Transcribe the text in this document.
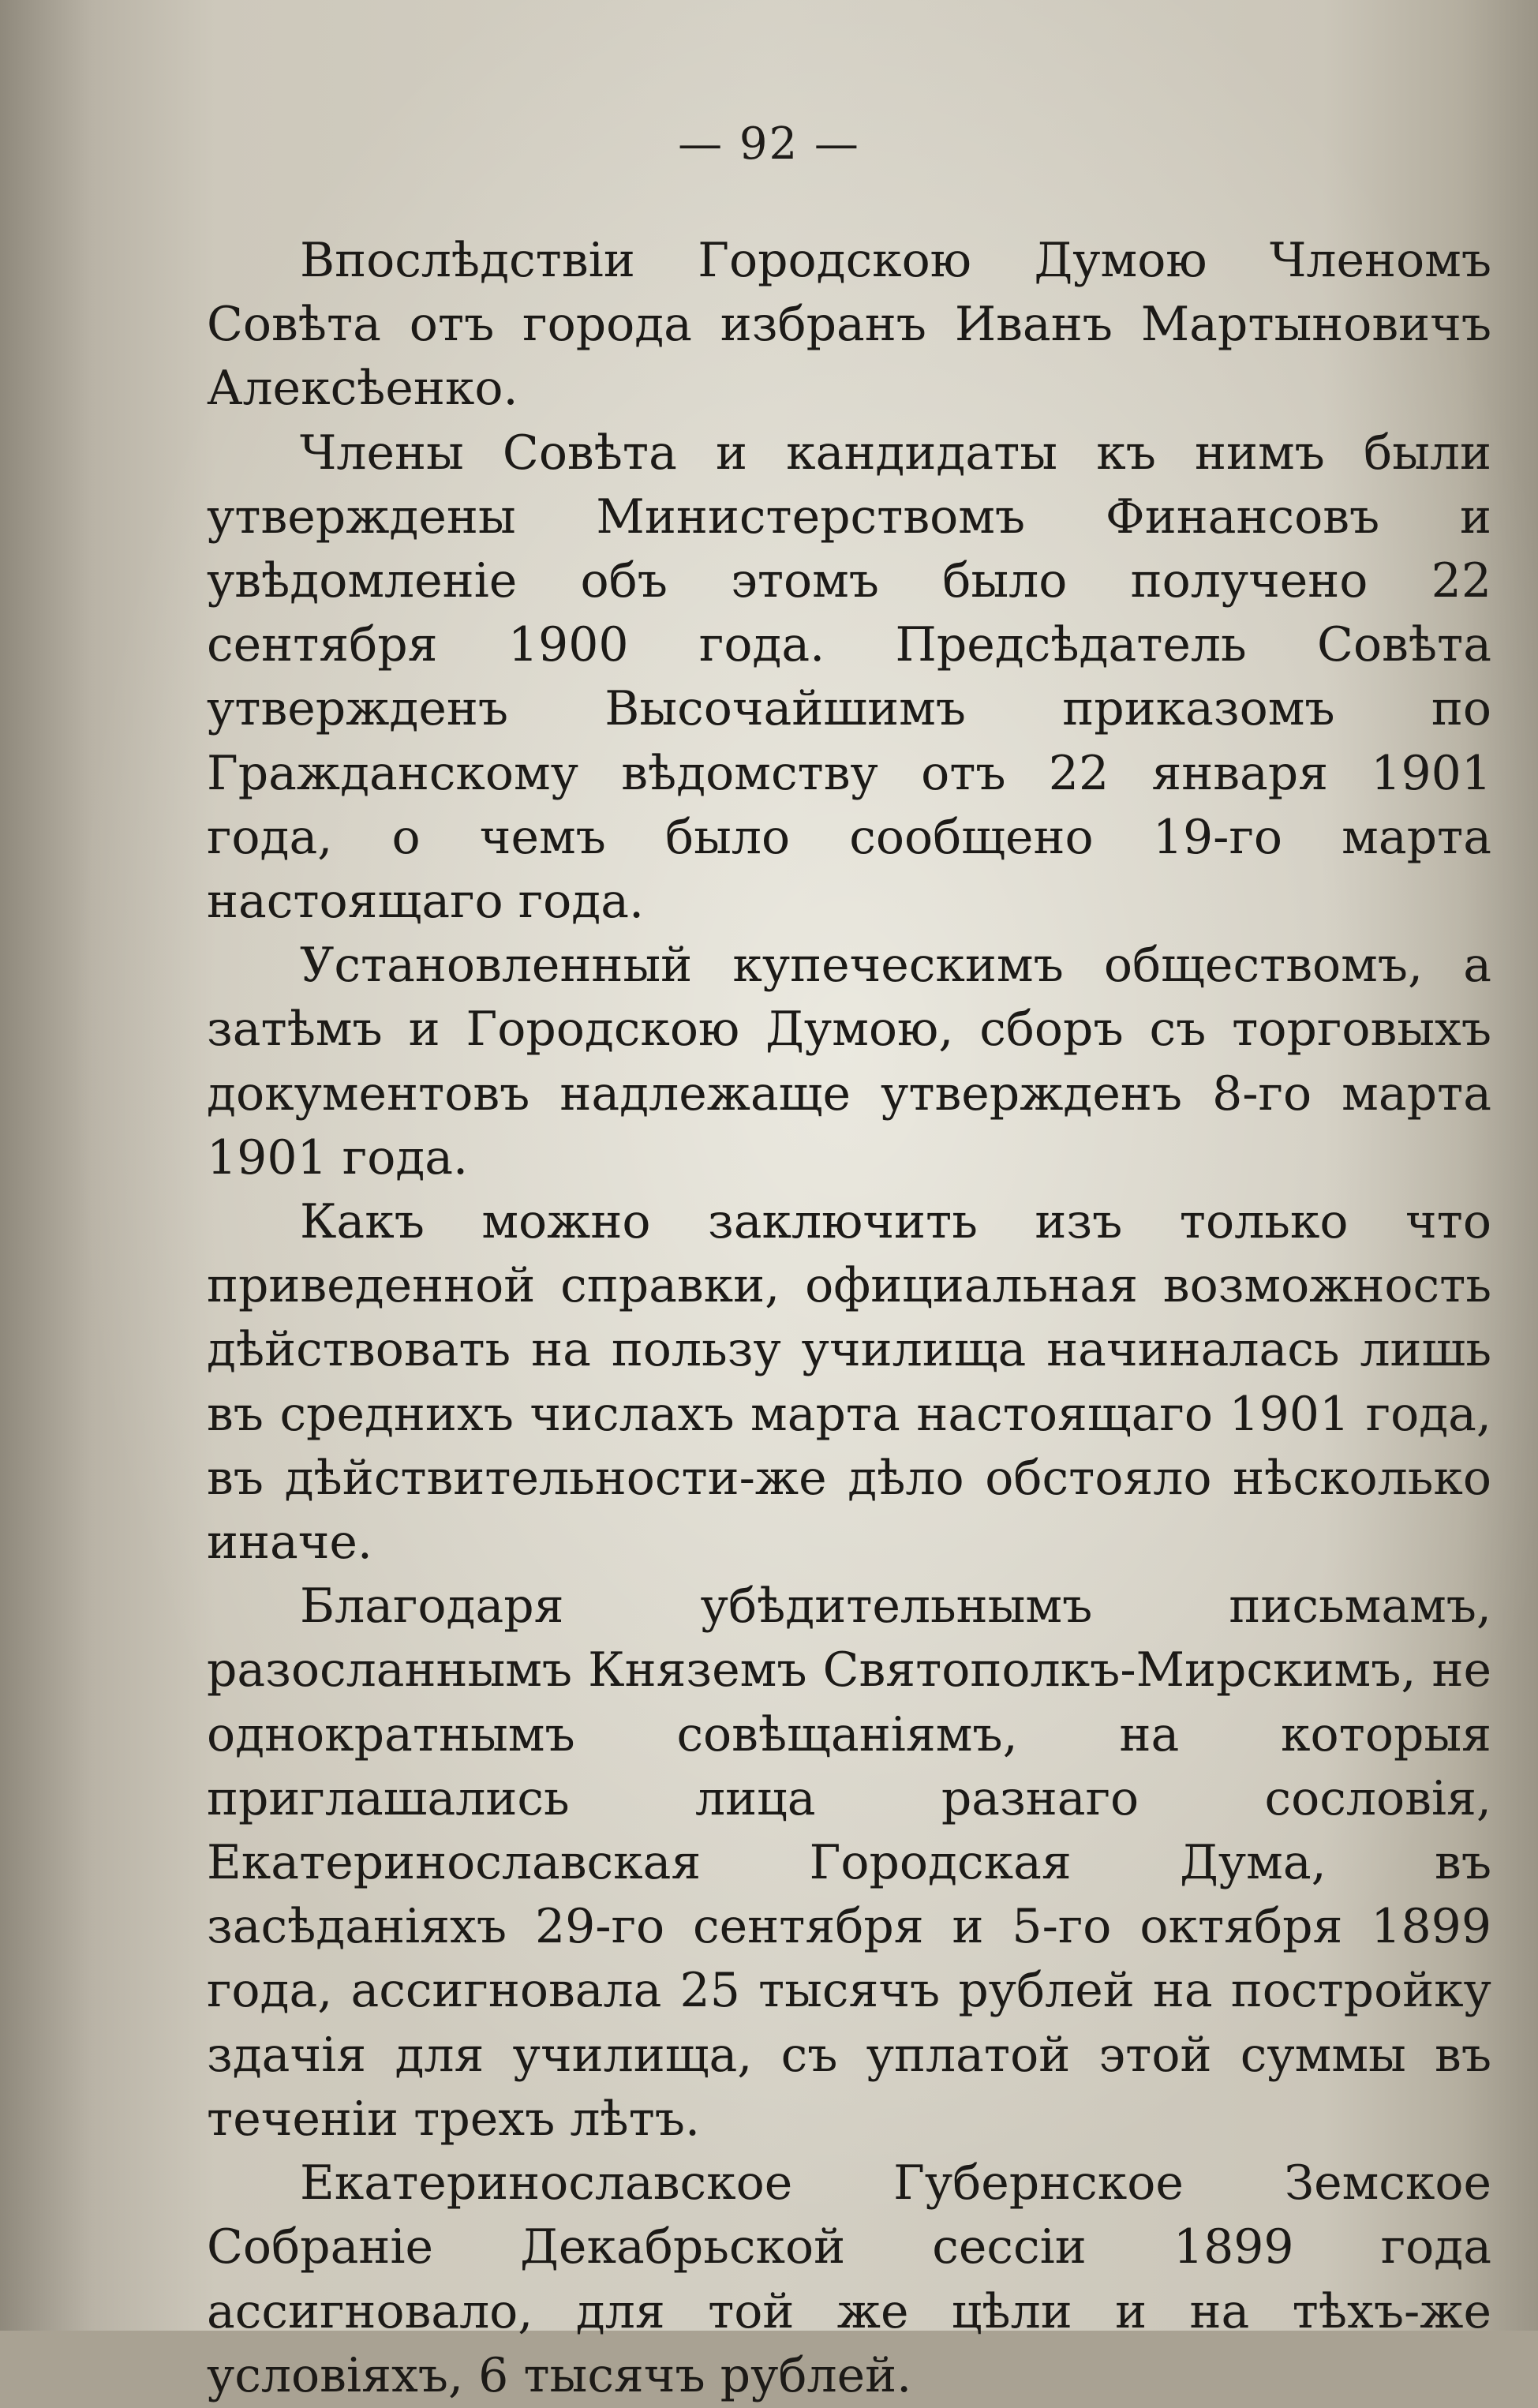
— 92 —

Впослѣдствіи Городскою Думою Членомъ Совѣта отъ города избранъ Иванъ Мартыновичъ Алексѣенко.

Члены Совѣта и кандидаты къ нимъ были утверждены Министерствомъ Финансовъ и увѣдомленіе объ этомъ было получено 22 сентября 1900 года. Предсѣдатель Совѣта утвержденъ Высочайшимъ приказомъ по Гражданскому вѣдомству отъ 22 января 1901 года, о чемъ было сообщено 19-го марта настоящаго года.

Установленный купеческимъ обществомъ, а затѣмъ и Городскою Думою, сборъ съ торговыхъ документовъ надлежаще утвержденъ 8-го марта 1901 года.

Какъ можно заключить изъ только что приведенной справки, официальная возможность дѣйствовать на пользу училища начиналась лишь въ среднихъ числахъ марта настоящаго 1901 года, въ дѣйствительности-же дѣло обстояло нѣсколько иначе.

Благодаря убѣдительнымъ письмамъ, разосланнымъ Княземъ Святополкъ-Мирскимъ, не однократнымъ совѣщаніямъ, на которыя приглашались лица разнаго сословія, Екатеринославская Городская Дума, въ засѣданіяхъ 29-го сентября и 5-го октября 1899 года, ассигновала 25 тысячъ рублей на постройку здачія для училища, съ уплатой этой суммы въ теченіи трехъ лѣтъ.

Екатеринославское Губернское Земское Собраніе Декабрьской сессіи 1899 года ассигновало, для той же цѣли и на тѣхъ-же условіяхъ, 6 тысячъ рублей.
